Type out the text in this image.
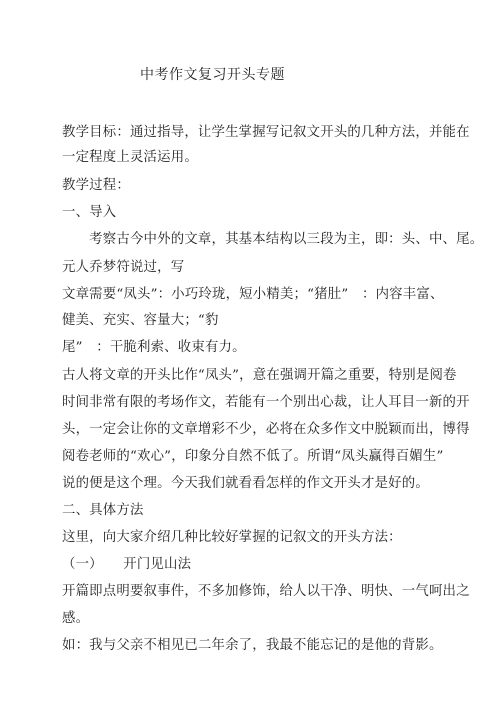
中考作文复习开头专题
教学目标：通过指导，让学生掌握写记叙文开头的几种方法，并能在
一定程度上灵活运用。
教学过程：
一、导入
　　考察古今中外的文章，其基本结构以三段为主，即：头、中、尾。
元人乔梦符说过，写
文章需要“凤头”：小巧玲珑，短小精美；“猪肚”　：内容丰富、
健美、充实、容量大；“豹
尾”　：干脆利索、收束有力。
古人将文章的开头比作“凤头”，意在强调开篇之重要，特别是阅卷
时间非常有限的考场作文，若能有一个别出心裁，让人耳目一新的开
头，一定会让你的文章增彩不少，必将在众多作文中脱颖而出，博得
阅卷老师的“欢心”，印象分自然不低了。所谓“凤头赢得百媚生”
说的便是这个理。今天我们就看看怎样的作文开头才是好的。
二、具体方法
这里，向大家介绍几种比较好掌握的记叙文的开头方法：
（一）　　开门见山法
开篇即点明要叙事件，不多加修饰，给人以干净、明快、一气呵出之
感。
如：我与父亲不相见已二年余了，我最不能忘记的是他的背影。
